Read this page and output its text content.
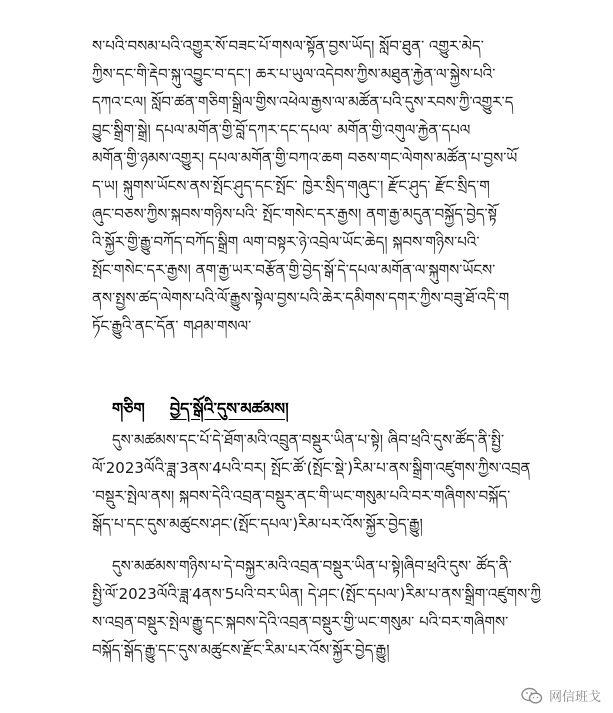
ས་པའི་བསམ་པའི་འགྱུར་སོ་བཟང་པོ་གསལ་སྟོན་བྱས་ཡོད། སློབ་ཐུན་ འགྱུར་མེད་
ཀྱིས་དང་གི་རྡེབ་སྐུ་འབྱུང་བ་དང་། ཆར་པ་ཡུལ་འདེབས་ཀྱིས་མཐུན་རྐྱེན་ལ་སྐྱེས་པའི་
དཀའ་ངལ། སློབ་ཚན་གཅིག་སྒྲིལ་གྱིས་འཕེལ་རྒྱས་ལ་མཚོན་པའི་དུས་རབས་ཀྱི་འགྱུར་ད
བྱུང་སྒྲིག་སྒྲེ། དཔལ་མགོན་གྱི་བློ་དཀར་དང་དཔལ་ མགོན་གྱི་འགུལ་རྐྱེན་དཔལ
མགོན་གྱི་ཉམས་འགྱུར། དཔལ་མགོན་གྱི་བཀའ་ཆག བཅས་གང་ལེགས་མཚོན་པ་བྱས་ཡོ
ད་ཡ། སྐུགས་ཡོངས་ནས་སྤོང་ཤུད་དང་སྤོང་ ཁྱེར་སྲིད་གཞུང་། རྫོང་ཤུད་ རྫོང་སྲིད་ག
ཞུང་བཅས་ཀྱིས་སྐབས་གཉིས་པའི་ སྤོང་གསེང་དར་རྒྱས། ནག་རྒྱ་མདུན་བསྐྱོད་བྱེད་སྟོ
འི་སྐྱོར་གྱི་རྒྱུ་བཀོད་བཀོད་སྒྲིག ལག་བསྟར་ཉེ་འབྲེལ་ཡོང་ཆེད། སྐབས་གཉིས་པའི་
སྤོང་གསེང་དར་རྒྱས། ནག་རྒྱ་ཡར་བརྩོན་གྱི་བྱེད་སྒོ་དེ་དཔལ་མགོན་ལ་སྐུགས་ཡོངས་
ནས་སྤྱས་ཚད་ལེགས་པའི་ལོ་རྒྱུས་སྟེལ་བྱས་པའི་ཆེར་དམིགས་དགར་ཀྱིས་བཟུ་ཐོ་འདི་ག
ཏོང་རྒྱུའི་ནང་དོན་ གཤམ་གསལ་
གཅིག བྱེད་སྒོའི་དུས་མཚམས།
དུས་མཚམས་དང་པོ་དེ་ཐོག་མའི་འབྲུན་བསྡུར་ཡིན་པ་སྟེ། ཞིབ་ཕྲའི་དུས་ཚོད་ནི་སྤྱི་
ལོ་2023ལོའི་ཟླ་3ནས་4པའི་བར། སྤོང་ཚོ་(སྤོང་སྡེ་)རིམ་པ་ནས་སྒྲིག་འཛུགས་ཀྱིས་འབྲན
་བསྡུར་སྤེལ་ནས། སྐབས་དེའི་འབྲན་བསྡུར་ནང་གི་ཡང་གསུམ་པའི་བར་གཞིགས་བསྐོད་
སྒོད་པ་དང་དུས་མཚུངས་ཤང་(སྤོང་དཔལ་)རིམ་པར་འོས་སྐྱོར་བྱེད་རྒྱུ།
དུས་མཚམས་གཉིས་པ་དེ་བསྐྱར་མའི་འབྲན་བསྡུར་ཡིན་པ་སྟེ།ཞིབ་ཕྲའི་དུས་ ཚོད་ནི་
སྤྱི་ལོ་2023ལོའི་ཟླ་4ནས་5པའི་བར་ཡིན། དེ་ཤང་(སྤོང་དཔལ་)རིམ་པ་ནས་སྒྲིག་འཛུགས་ཀྱི
ས་འབྲན་བསྡུར་སྤེལ་རྒྱུ་དང་སྐབས་དེའི་འབྲན་བསྡུར་གྱི་ཡང་གསུམ་ པའི་བར་གཞིགས་
བསྐོད་སྒོད་རྒྱུ་དང་དུས་མཚུངས་རྫོང་རིམ་པར་འོས་སྐྱོར་བྱེད་རྒྱུ།
网信班戈
